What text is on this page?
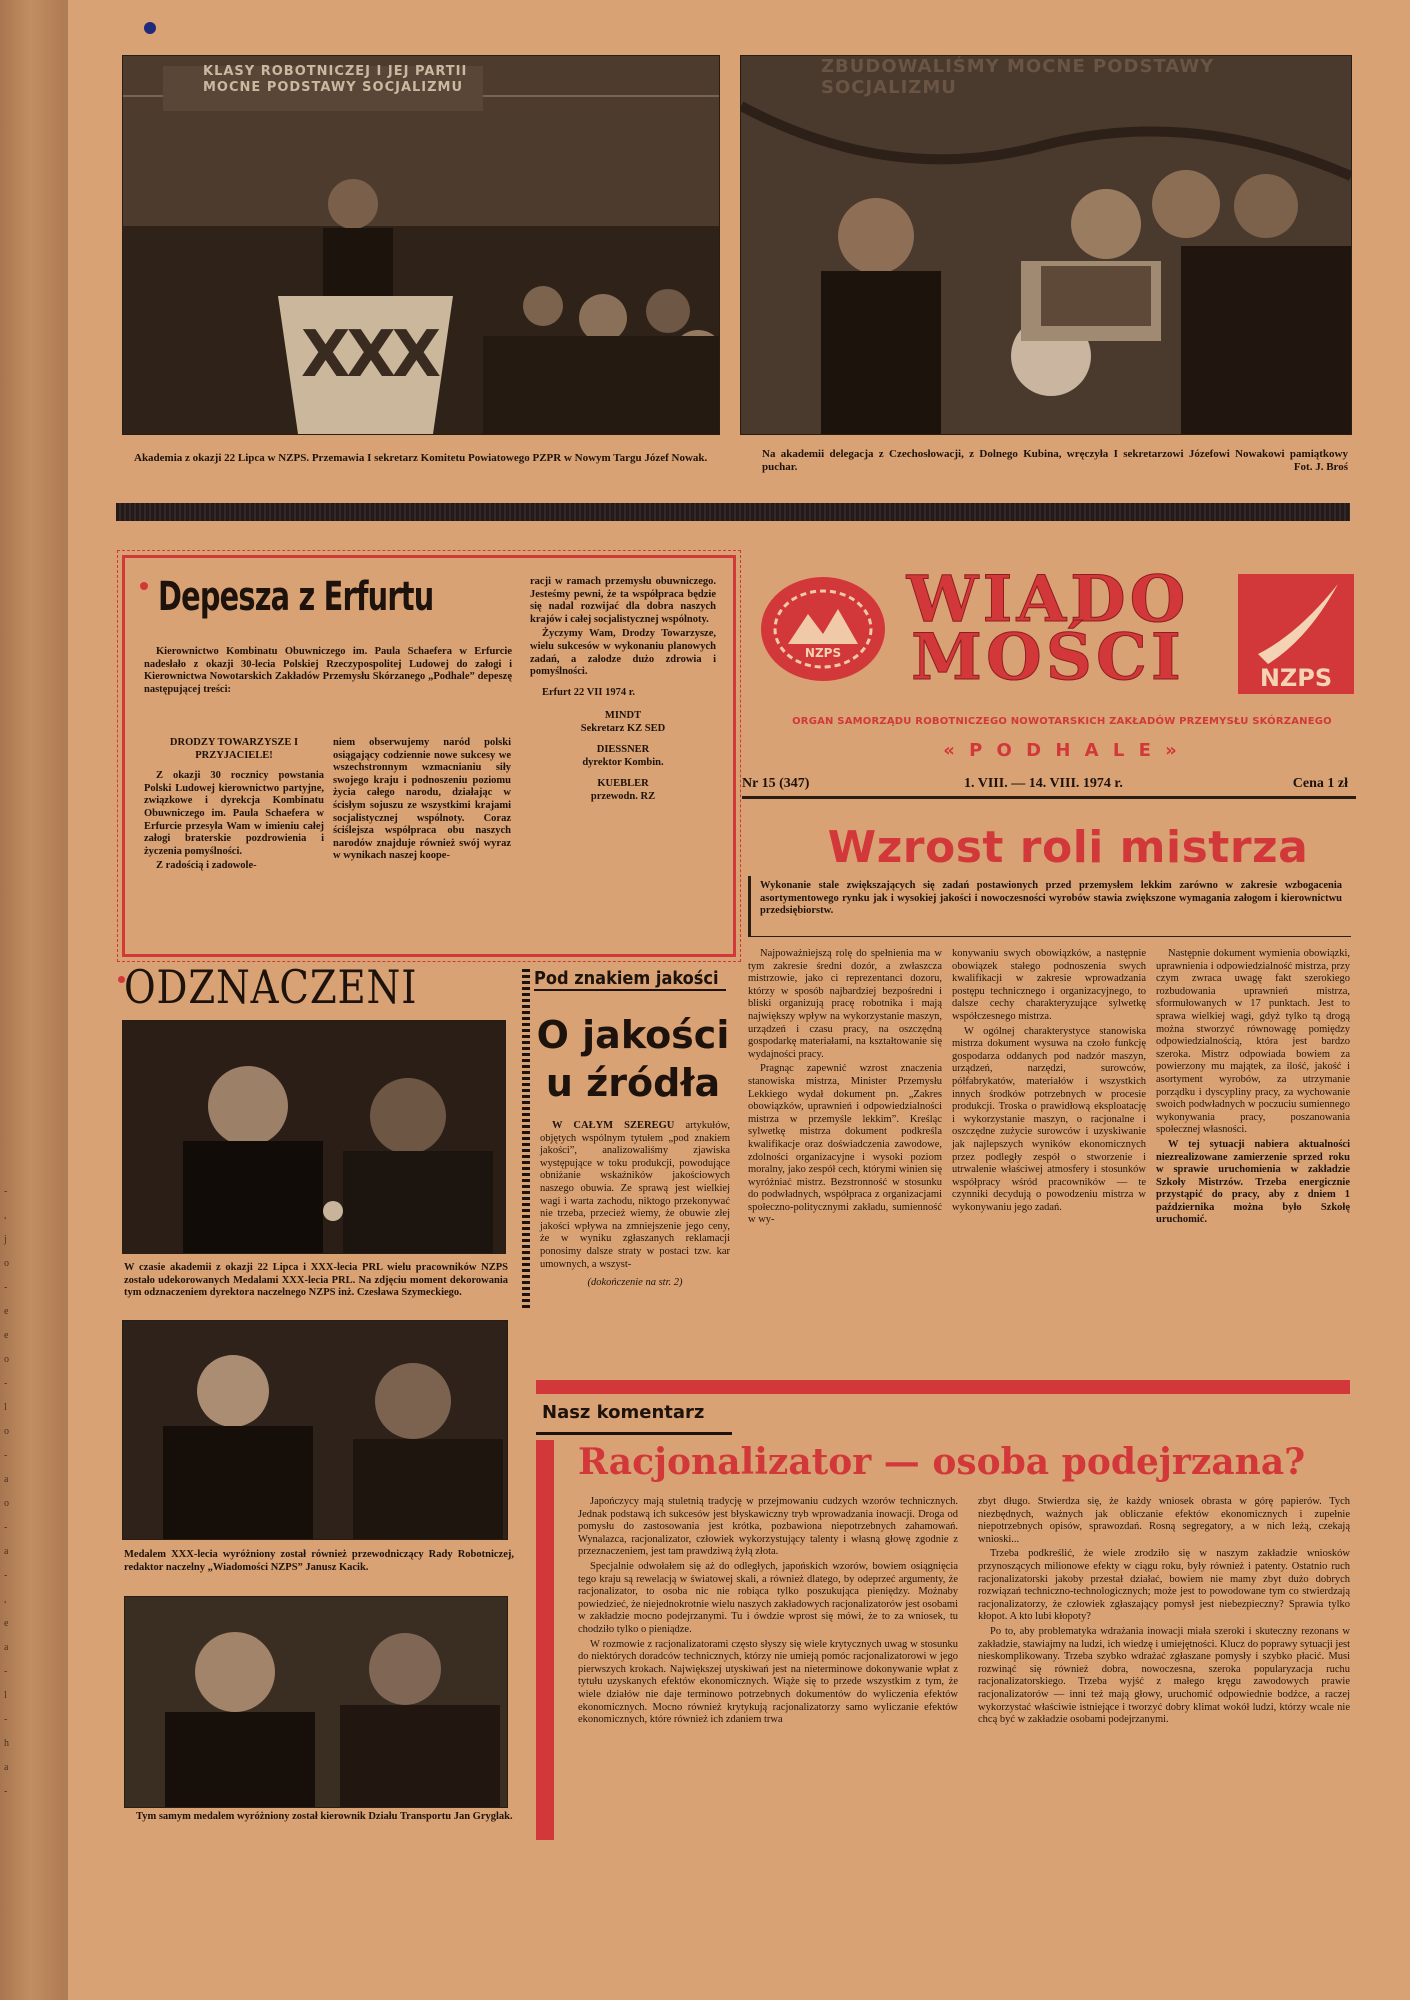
-
,
j
o
-
e
e
o
-
l
o
-
a
o
-
a
-
,
e
a
-
l
-
h
a
-
KLASY ROBOTNICZEJ I JEJ PARTII MOCNE PODSTAWY SOCJALIZMU
XXX
ZBUDOWALIŚMY MOCNE PODSTAWY SOCJALIZMU
Akademia z okazji 22 Lipca w NZPS. Przemawia I sekretarz Komitetu Powiatowego PZPR w Nowym Targu Józef Nowak.	Na akademii delegacja z Czechosłowacji, z Dolnego Kubina, wręczyła I sekretarzowi Józefowi Nowakowi pamiątkowy puchar.	Fot. J. Broś
Depesza z Erfurtu

Kierownictwo Kombinatu Obuwniczego im. Paula Schaefera w Erfurcie nadesłało z okazji 30-lecia Polskiej Rzeczypospolitej Ludowej do załogi i Kierownictwa Nowotarskich Zakładów Przemysłu Skórzanego „Podhale” depeszę następującej treści:

DRODZY TOWARZYSZE I PRZYJACIELE!

Z okazji 30 rocznicy powstania Polski Ludowej kierownictwo partyjne, związkowe i dyrekcja Kombinatu Obuwniczego im. Paula Schaefera w Erfurcie przesyła Wam w imieniu całej załogi braterskie pozdrowienia i życzenia pomyślności.

Z radością i zadowole-

niem obserwujemy naród polski osiągający codziennie nowe sukcesy we wszechstronnym wzmacnianiu siły swojego kraju i podnoszeniu poziomu życia całego narodu, działając w ścisłym sojuszu ze wszystkimi krajami socjalistycznej wspólnoty. Coraz ściślejsza współpraca obu naszych narodów znajduje również swój wyraz w wynikach naszej koope-

racji w ramach przemysłu obuwniczego. Jesteśmy pewni, że ta współpraca będzie się nadal rozwijać dla dobra naszych krajów i całej socjalistycznej wspólnoty.

Życzymy Wam, Drodzy Towarzysze, wielu sukcesów w wykonaniu planowych zadań, a załodze dużo zdrowia i pomyślności.

Erfurt 22 VII 1974 r.

MINDT
Sekretarz KZ SED
DIESSNER
dyrektor Kombin.
KUEBLER
przewodn. RZ
NZPS
WIADO
MOŚCI	NZPS
ORGAN SAMORZĄDU ROBOTNICZEGO NOWOTARSKICH ZAKŁADÓW PRZEMYSŁU SKÓRZANEGO
« P O D H A L E »
Nr 15 (347)	1. VIII. — 14. VIII. 1974 r.	Cena 1 zł
Wzrost roli mistrza
Wykonanie stale zwiększających się zadań postawionych przed przemysłem lekkim zarówno w zakresie wzbogacenia asortymentowego rynku jak i wysokiej jakości i nowoczesności wyrobów stawia zwiększone wymagania załogom i kierownictwu przedsiębiorstw.

Najpoważniejszą rolę do spełnienia ma w tym zakresie średni dozór, a zwłaszcza mistrzowie, jako ci reprezentanci dozoru, którzy w sposób najbardziej bezpośredni i bliski organizują pracę robotnika i mają największy wpływ na wykorzystanie maszyn, urządzeń i czasu pracy, na oszczędną gospodarkę materiałami, na kształtowanie się wydajności pracy.

Pragnąc zapewnić wzrost znaczenia stanowiska mistrza, Minister Przemysłu Lekkiego wydał dokument pn. „Zakres obowiązków, uprawnień i odpowiedzialności mistrza w przemyśle lekkim”. Kreśląc sylwetkę mistrza dokument podkreśla kwalifikacje oraz doświadczenia zawodowe, zdolności organizacyjne i wysoki poziom moralny, jako zespół cech, którymi winien się wyróżniać mistrz. Bezstronność w stosunku do podwładnych, współpraca z organizacjami społeczno-politycznymi zakładu, sumienność w wy-

konywaniu swych obowiązków, a następnie obowiązek stałego podnoszenia swych kwalifikacji w zakresie wprowadzania postępu technicznego i organizacyjnego, to dalsze cechy charakteryzujące sylwetkę współczesnego mistrza.

W ogólnej charakterystyce stanowiska mistrza dokument wysuwa na czoło funkcję gospodarza oddanych pod nadzór maszyn, urządzeń, narzędzi, surowców, półfabrykatów, materiałów i wszystkich innych środków potrzebnych w procesie produkcji. Troska o prawidłową eksploatację i wykorzystanie maszyn, o racjonalne i oszczędne zużycie surowców i uzyskiwanie jak najlepszych wyników ekonomicznych przez podległy zespół o stworzenie i utrwalenie właściwej atmosfery i stosunków współpracy wśród pracowników — te czynniki decydują o powodzeniu mistrza w wykonywaniu jego zadań.

Następnie dokument wymienia obowiązki, uprawnienia i odpowiedzialność mistrza, przy czym zwraca uwagę fakt szerokiego rozbudowania uprawnień mistrza, sformułowanych w 17 punktach. Jest to sprawa wielkiej wagi, gdyż tylko tą drogą można stworzyć równowagę pomiędzy odpowiedzialnością, która jest bardzo szeroka. Mistrz odpowiada bowiem za powierzony mu majątek, za ilość, jakość i asortyment wyrobów, za utrzymanie porządku i dyscypliny pracy, za wychowanie swoich podwładnych w poczuciu sumiennego wykonywania pracy, poszanowania społecznej własności.

W tej sytuacji nabiera aktualności niezrealizowane zamierzenie sprzed roku w sprawie uruchomienia w zakładzie Szkoły Mistrzów. Trzeba energicznie przystąpić do pracy, aby z dniem 1 października można było Szkołę uruchomić.

ODZNACZENI
W czasie akademii z okazji 22 Lipca i XXX-lecia PRL wielu pracowników NZPS zostało udekorowanych Medalami XXX-lecia PRL. Na zdjęciu moment dekorowania tym odznaczeniem dyrektora naczelnego NZPS inż. Czesława Szymeckiego.
Medalem XXX-lecia wyróżniony został również przewodniczący Rady Robotniczej, redaktor naczelny „Wiadomości NZPS” Janusz Kacik.
Tym samym medalem wyróżniony został kierownik Działu Transportu Jan Gryglak.
Pod znakiem jakości
O jakości
u źródła

W CAŁYM SZEREGU artykułów, objętych wspólnym tytułem „pod znakiem jakości”, analizowaliśmy zjawiska występujące w toku produkcji, powodujące obniżanie wskaźników jakościowych naszego obuwia. Ze sprawą jest wielkiej wagi i warta zachodu, niktogo przekonywać nie trzeba, przecież wiemy, że obuwie złej jakości wpływa na zmniejszenie jego ceny, że w wyniku zgłaszanych reklamacji ponosimy dalsze straty w postaci tzw. kar umownych, a wszyst-

(dokończenie na str. 2)

Nasz komentarz
Racjonalizator — osoba podejrzana?

Japończycy mają stuletnią tradycję w przejmowaniu cudzych wzorów technicznych. Jednak podstawą ich sukcesów jest błyskawiczny tryb wprowadzania inowacji. Droga od pomysłu do zastosowania jest krótka, pozbawiona niepotrzebnych zahamowań. Wynalazca, racjonalizator, człowiek wykorzystujący talenty i własną głowę zgodnie z przeznaczeniem, jest tam prawdziwą żyłą złota.

Specjalnie odwołałem się aż do odległych, japońskich wzorów, bowiem osiągnięcia tego kraju są rewelacją w światowej skali, a również dlatego, by odeprzeć argumenty, że racjonalizator, to osoba nic nie robiąca tylko poszukująca pieniędzy. Możnaby powiedzieć, że niejednokrotnie wielu naszych zakładowych racjonalizatorów jest osobami w zakładzie mocno podejrzanymi. Tu i ówdzie wprost się mówi, że to za wniosek, tu chodziło tylko o pieniądze.

W rozmowie z racjonalizatorami często słyszy się wiele krytycznych uwag w stosunku do niektórych doradców technicznych, którzy nie umieją pomóc racjonalizatorowi w jego pierwszych krokach. Największej utyskiwań jest na nieterminowe dokonywanie wpłat z tytułu uzyskanych efektów ekonomicznych. Wiąże się to przede wszystkim z tym, że wiele działów nie daje terminowo potrzebnych dokumentów do wyliczenia efektów ekonomicznych. Mocno również krytykują racjonalizatorzy samo wyliczanie efektów ekonomicznych, które również ich zdaniem trwa

zbyt długo. Stwierdza się, że każdy wniosek obrasta w górę papierów. Tych niezbędnych, ważnych jak obliczanie efektów ekonomicznych i zupełnie niepotrzebnych opisów, sprawozdań. Rosną segregatory, a w nich leżą, czekają wnioski...

Trzeba podkreślić, że wiele zrodziło się w naszym zakładzie wniosków przynoszących milionowe efekty w ciągu roku, były również i patenty. Ostatnio ruch racjonalizatorski jakoby przestał działać, bowiem nie mamy zbyt dużo dobrych rozwiązań techniczno-technologicznych; może jest to powodowane tym co stwierdzają racjonalizatorzy, że człowiek zgłaszający pomysł jest niebezpieczny? Sprawia tylko kłopot. A kto lubi kłopoty?

Po to, aby problematyka wdrażania inowacji miała szeroki i skuteczny rezonans w zakładzie, stawiajmy na ludzi, ich wiedzę i umiejętności. Klucz do poprawy sytuacji jest nieskomplikowany. Trzeba szybko wdrażać zgłaszane pomysły i szybko płacić. Musi rozwinąć się również dobra, nowoczesna, szeroka popularyzacja ruchu racjonalizatorskiego. Trzeba wyjść z małego kręgu zawodowych prawie racjonalizatorów — inni też mają głowy, uruchomić odpowiednie bodźce, a raczej wykorzystać właściwie istniejące i tworzyć dobry klimat wokół ludzi, którzy wcale nie chcą być w zakładzie osobami podejrzanymi.
